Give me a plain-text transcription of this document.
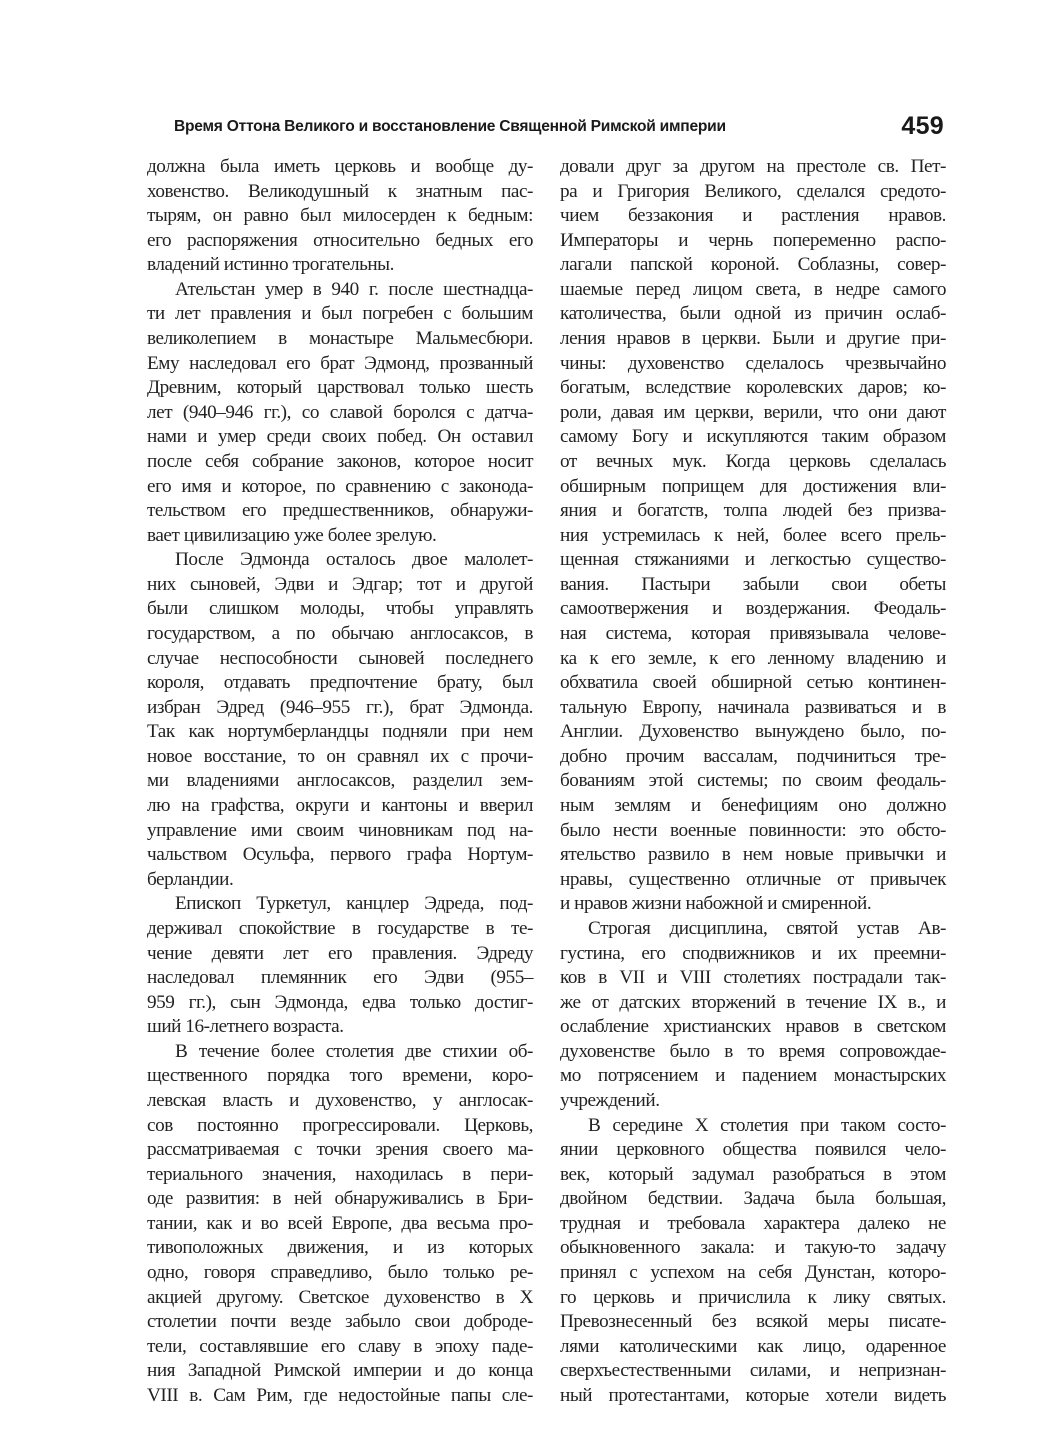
Время Оттона Великого и восстановление Священной Римской империи	459
должна была иметь церковь и вообще ду-
ховенство. Великодушный к знатным пас-
тырям, он равно был милосерден к бедным:
его распоряжения относительно бедных его
владений истинно трогательны.
Ательстан умер в 940 г. после шестнадца-
ти лет правления и был погребен с большим
великолепием в монастыре Мальмесбюри.
Ему наследовал его брат Эдмонд, прозванный
Древним, который царствовал только шесть
лет (940–946 гг.), со славой боролся с датча-
нами и умер среди своих побед. Он оставил
после себя собрание законов, которое носит
его имя и которое, по сравнению с законода-
тельством его предшественников, обнаружи-
вает цивилизацию уже более зрелую.
После Эдмонда осталось двое малолет-
них сыновей, Эдви и Эдгар; тот и другой
были слишком молоды, чтобы управлять
государством, а по обычаю англосаксов, в
случае неспособности сыновей последнего
короля, отдавать предпочтение брату, был
избран Эдред (946–955 гг.), брат Эдмонда.
Так как нортумберландцы подняли при нем
новое восстание, то он сравнял их с прочи-
ми владениями англосаксов, разделил зем-
лю на графства, округи и кантоны и вверил
управление ими своим чиновникам под на-
чальством Осульфа, первого графа Нортум-
берландии.
Епископ Туркетул, канцлер Эдреда, под-
держивал спокойствие в государстве в те-
чение девяти лет его правления. Эдреду
наследовал племянник его Эдви (955–
959 гг.), сын Эдмонда, едва только достиг-
ший 16-летнего возраста.
В течение более столетия две стихии об-
щественного порядка того времени, коро-
левская власть и духовенство, у англосак-
сов постоянно прогрессировали. Церковь,
рассматриваемая с точки зрения своего ма-
териального значения, находилась в пери-
оде развития: в ней обнаруживались в Бри-
тании, как и во всей Европе, два весьма про-
тивоположных движения, и из которых
одно, говоря справедливо, было только ре-
акцией другому. Светское духовенство в X
столетии почти везде забыло свои доброде-
тели, составлявшие его славу в эпоху паде-
ния Западной Римской империи и до конца
VIII в. Сам Рим, где недостойные папы сле-
довали друг за другом на престоле св. Пет-
ра и Григория Великого, сделался средото-
чием беззакония и растления нравов.
Императоры и чернь попеременно распо-
лагали папской короной. Соблазны, совер-
шаемые перед лицом света, в недре самого
католичества, были одной из причин ослаб-
ления нравов в церкви. Были и другие при-
чины: духовенство сделалось чрезвычайно
богатым, вследствие королевских даров; ко-
роли, давая им церкви, верили, что они дают
самому Богу и искупляются таким образом
от вечных мук. Когда церковь сделалась
обширным поприщем для достижения вли-
яния и богатств, толпа людей без призва-
ния устремилась к ней, более всего прель-
щенная стяжаниями и легкостью существо-
вания. Пастыри забыли свои обеты
самоотвержения и воздержания. Феодаль-
ная система, которая привязывала челове-
ка к его земле, к его ленному владению и
обхватила своей обширной сетью континен-
тальную Европу, начинала развиваться и в
Англии. Духовенство вынуждено было, по-
добно прочим вассалам, подчиниться тре-
бованиям этой системы; по своим феодаль-
ным землям и бенефициям оно должно
было нести военные повинности: это обсто-
ятельство развило в нем новые привычки и
нравы, существенно отличные от привычек
и нравов жизни набожной и смиренной.
Строгая дисциплина, святой устав Ав-
густина, его сподвижников и их преемни-
ков в VII и VIII столетиях пострадали так-
же от датских вторжений в течение IX в., и
ослабление христианских нравов в светском
духовенстве было в то время сопровождае-
мо потрясением и падением монастырских
учреждений.
В середине X столетия при таком состо-
янии церковного общества появился чело-
век, который задумал разобраться в этом
двойном бедствии. Задача была большая,
трудная и требовала характера далеко не
обыкновенного закала: и такую-то задачу
принял с успехом на себя Дунстан, которо-
го церковь и причислила к лику святых.
Превознесенный без всякой меры писате-
лями католическими как лицо, одаренное
сверхъестественными силами, и непризнан-
ный протестантами, которые хотели видеть
